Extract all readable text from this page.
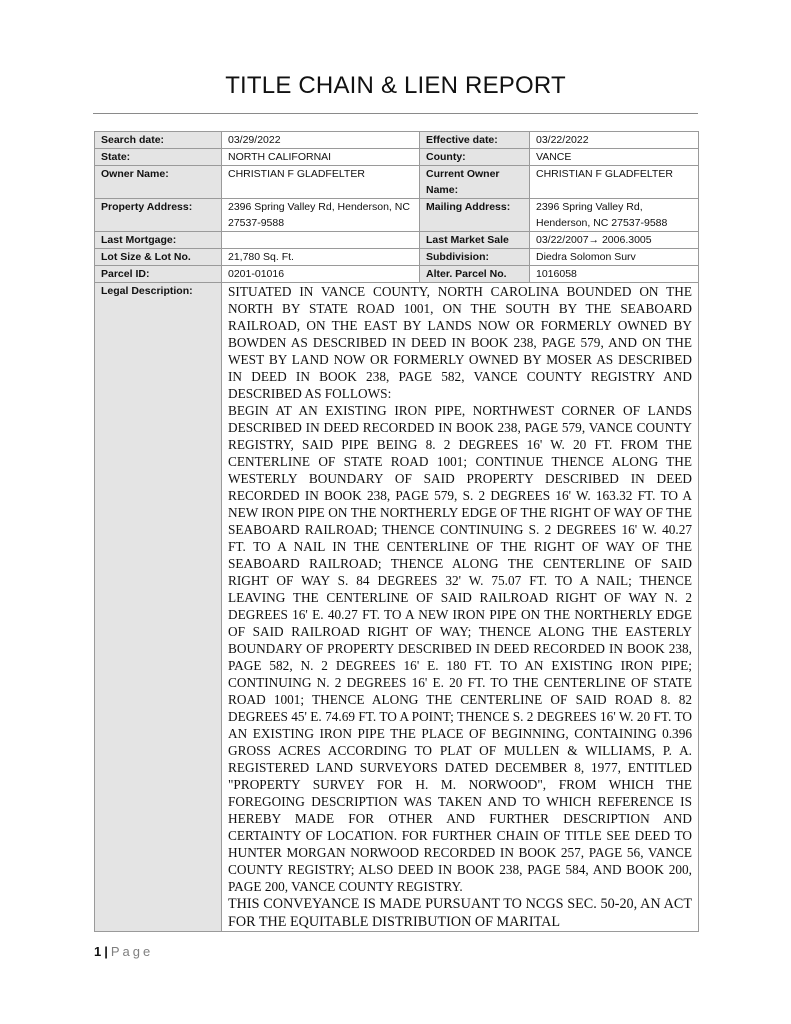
TITLE CHAIN & LIEN REPORT
Search date:	03/29/2022	Effective date:	03/22/2022
State:	NORTH CALIFORNAI	County:	VANCE
Owner Name:	CHRISTIAN F GLADFELTER	Current Owner Name:	CHRISTIAN F GLADFELTER
Property Address:	2396 Spring Valley Rd, Henderson, NC 27537-9588	Mailing Address:	2396 Spring Valley Rd, Henderson, NC 27537-9588
Last Mortgage:		Last Market Sale	03/22/2007→ 2006.3005
Lot Size & Lot No.	21,780 Sq. Ft.	Subdivision:	Diedra Solomon Surv
Parcel ID:	0201-01016	Alter. Parcel No.	1016058
Legal Description:	SITUATED IN VANCE COUNTY, NORTH CAROLINA BOUNDED ON THE NORTH BY STATE ROAD 1001, ON THE SOUTH BY THE SEABOARD RAILROAD, ON THE EAST BY LANDS NOW OR FORMERLY OWNED BY BOWDEN AS DESCRIBED IN DEED IN BOOK 238, PAGE 579, AND ON THE WEST BY LAND NOW OR FORMERLY OWNED BY MOSER AS DESCRIBED IN DEED IN BOOK 238, PAGE 582, VANCE COUNTY REGISTRY AND DESCRIBED AS FOLLOWS:

BEGIN AT AN EXISTING IRON PIPE, NORTHWEST CORNER OF LANDS DESCRIBED IN DEED RECORDED IN BOOK 238, PAGE 579, VANCE COUNTY REGISTRY, SAID PIPE BEING 8. 2 DEGREES 16' W. 20 FT. FROM THE CENTERLINE OF STATE ROAD 1001; CONTINUE THENCE ALONG THE WESTERLY BOUNDARY OF SAID PROPERTY DESCRIBED IN DEED RECORDED IN BOOK 238, PAGE 579, S. 2 DEGREES 16' W. 163.32 FT. TO A NEW IRON PIPE ON THE NORTHERLY EDGE OF THE RIGHT OF WAY OF THE SEABOARD RAILROAD; THENCE CONTINUING S. 2 DEGREES 16' W. 40.27 FT. TO A NAIL IN THE CENTERLINE OF THE RIGHT OF WAY OF THE SEABOARD RAILROAD; THENCE ALONG THE CENTERLINE OF SAID RIGHT OF WAY S. 84 DEGREES 32' W. 75.07 FT. TO A NAIL; THENCE LEAVING THE CENTERLINE OF SAID RAILROAD RIGHT OF WAY N. 2 DEGREES 16' E. 40.27 FT. TO A NEW IRON PIPE ON THE NORTHERLY EDGE OF SAID RAILROAD RIGHT OF WAY; THENCE ALONG THE EASTERLY BOUNDARY OF PROPERTY DESCRIBED IN DEED RECORDED IN BOOK 238, PAGE 582, N. 2 DEGREES 16' E. 180 FT. TO AN EXISTING IRON PIPE; CONTINUING N. 2 DEGREES 16' E. 20 FT. TO THE CENTERLINE OF STATE ROAD 1001; THENCE ALONG THE CENTERLINE OF SAID ROAD 8. 82 DEGREES 45' E. 74.69 FT. TO A POINT; THENCE S. 2 DEGREES 16' W. 20 FT. TO AN EXISTING IRON PIPE THE PLACE OF BEGINNING, CONTAINING 0.396 GROSS ACRES ACCORDING TO PLAT OF MULLEN & WILLIAMS, P. A. REGISTERED LAND SURVEYORS DATED DECEMBER 8, 1977, ENTITLED "PROPERTY SURVEY FOR H. M. NORWOOD", FROM WHICH THE FOREGOING DESCRIPTION WAS TAKEN AND TO WHICH REFERENCE IS HEREBY MADE FOR OTHER AND FURTHER DESCRIPTION AND CERTAINTY OF LOCATION. FOR FURTHER CHAIN OF TITLE SEE DEED TO HUNTER MORGAN NORWOOD RECORDED IN BOOK 257, PAGE 56, VANCE COUNTY REGISTRY; ALSO DEED IN BOOK 238, PAGE 584, AND BOOK 200, PAGE 200, VANCE COUNTY REGISTRY.

THIS CONVEYANCE IS MADE PURSUANT TO NCGS SEC. 50-20, AN ACT FOR THE EQUITABLE DISTRIBUTION OF MARITAL		

1 | Page
